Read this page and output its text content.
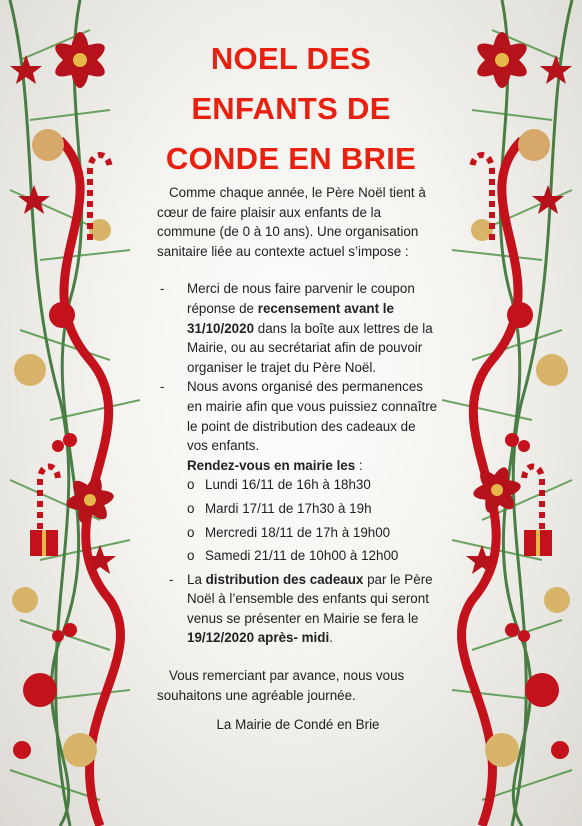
NOEL DES
ENFANTS DE
CONDE EN BRIE

Comme chaque année, le Père Noël tient à cœur de faire plaisir aux enfants de la commune (de 0 à 10 ans). Une organisation sanitaire liée au contexte actuel s’impose :

- Merci de nous faire parvenir le coupon réponse de recensement avant le 31/10/2020 dans la boîte aux lettres de la Mairie, ou au secrétariat afin de pouvoir organiser le trajet du Père Noël.

- Nous avons organisé des permanences en mairie afin que vous puissiez connaître le point de distribution des cadeaux de vos enfants.

Rendez-vous en mairie les :

o Lundi 16/11 de 16h à 18h30
o Mardi 17/11 de 17h30 à 19h
o Mercredi 18/11 de 17h à 19h00
o Samedi 21/11 de 10h00 à 12h00

- La distribution des cadeaux par le Père Noël à l’ensemble des enfants qui seront venus se présenter en Mairie se fera le 19/12/2020 après- midi.

Vous remerciant par avance, nous vous souhaitons une agréable journée.

La Mairie de Condé en Brie
